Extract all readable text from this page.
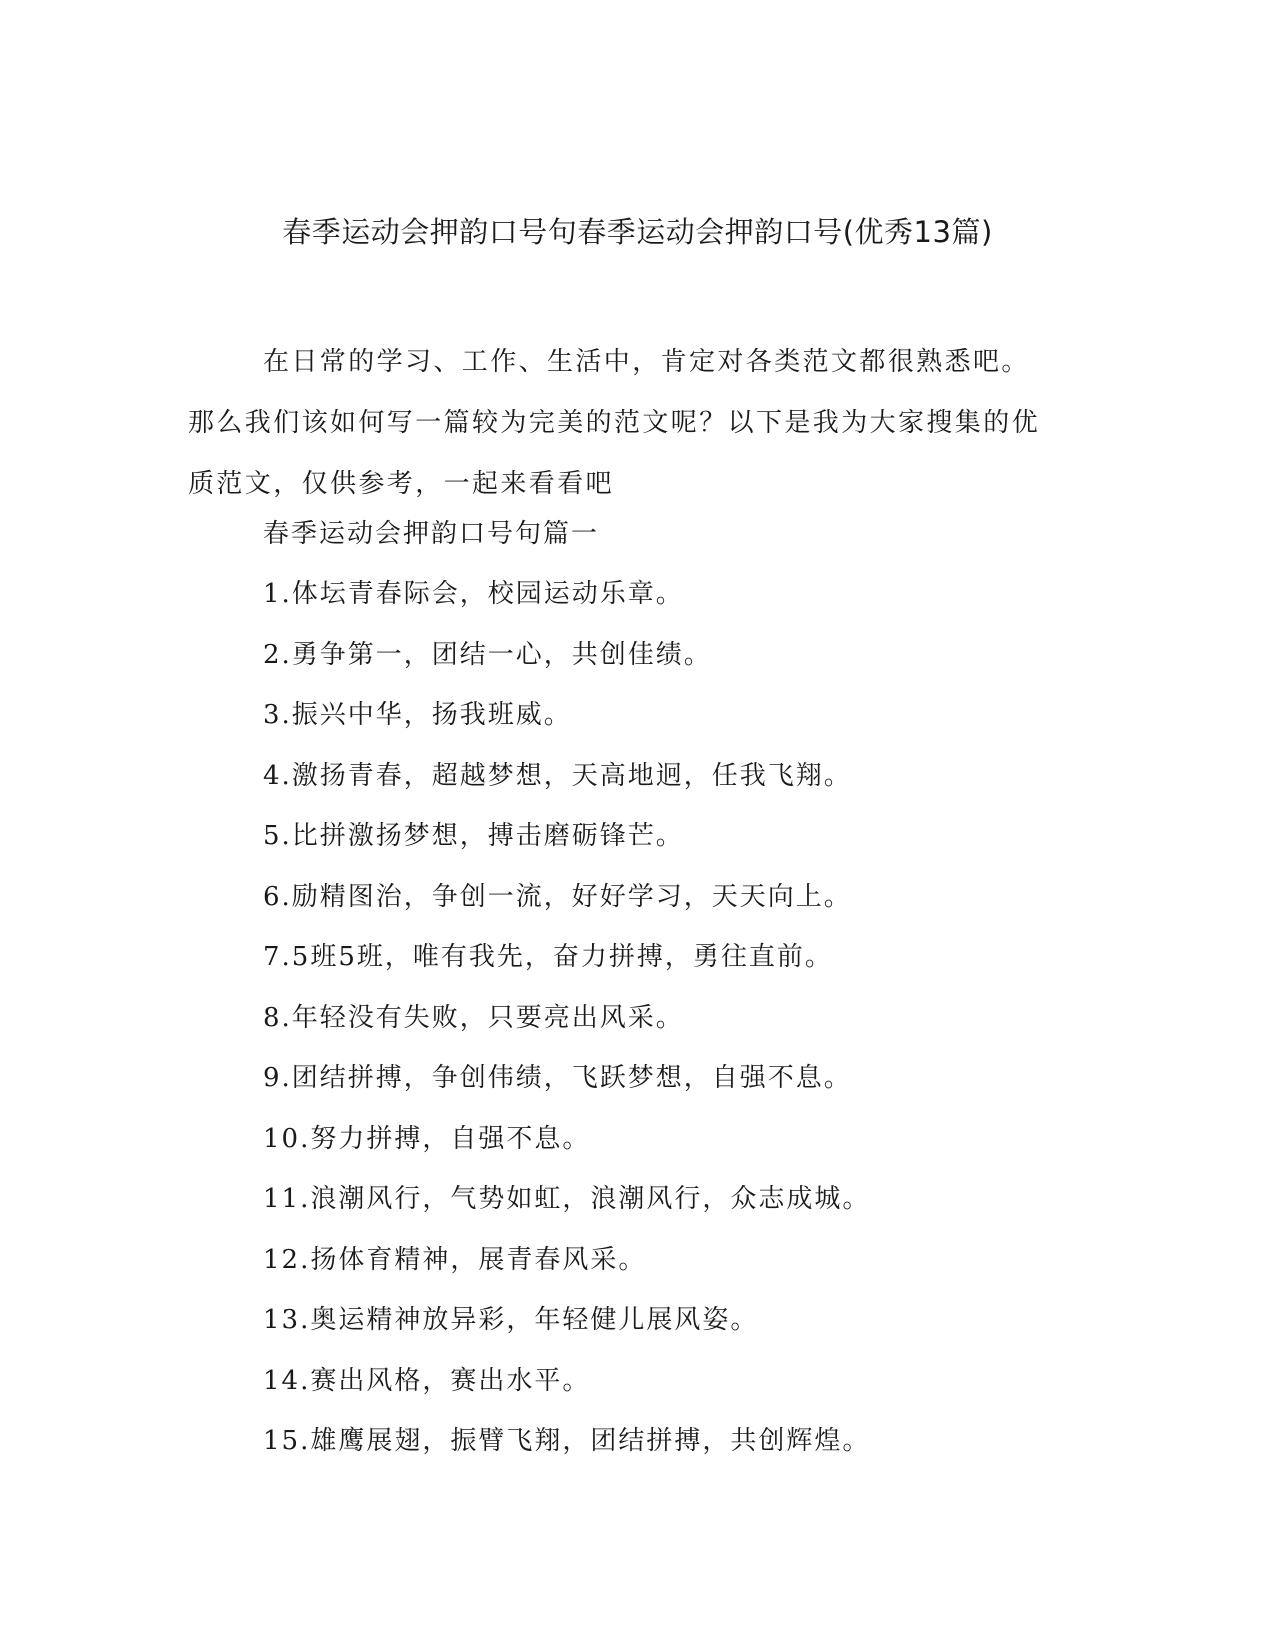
春季运动会押韵口号句春季运动会押韵口号(优秀13篇)

在日常的学习、工作、生活中，肯定对各类范文都很熟悉吧。那么我们该如何写一篇较为完美的范文呢？以下是我为大家搜集的优质范文，仅供参考，一起来看看吧

春季运动会押韵口号句篇一
1.体坛青春际会，校园运动乐章。
2.勇争第一，团结一心，共创佳绩。
3.振兴中华，扬我班威。
4.激扬青春，超越梦想，天高地迥，任我飞翔。
5.比拼激扬梦想，搏击磨砺锋芒。
6.励精图治，争创一流，好好学习，天天向上。
7.5班5班，唯有我先，奋力拼搏，勇往直前。
8.年轻没有失败，只要亮出风采。
9.团结拼搏，争创伟绩，飞跃梦想，自强不息。
10.努力拼搏，自强不息。
11.浪潮风行，气势如虹，浪潮风行，众志成城。
12.扬体育精神，展青春风采。
13.奥运精神放异彩，年轻健儿展风姿。
14.赛出风格，赛出水平。
15.雄鹰展翅，振臂飞翔，团结拼搏，共创辉煌。
